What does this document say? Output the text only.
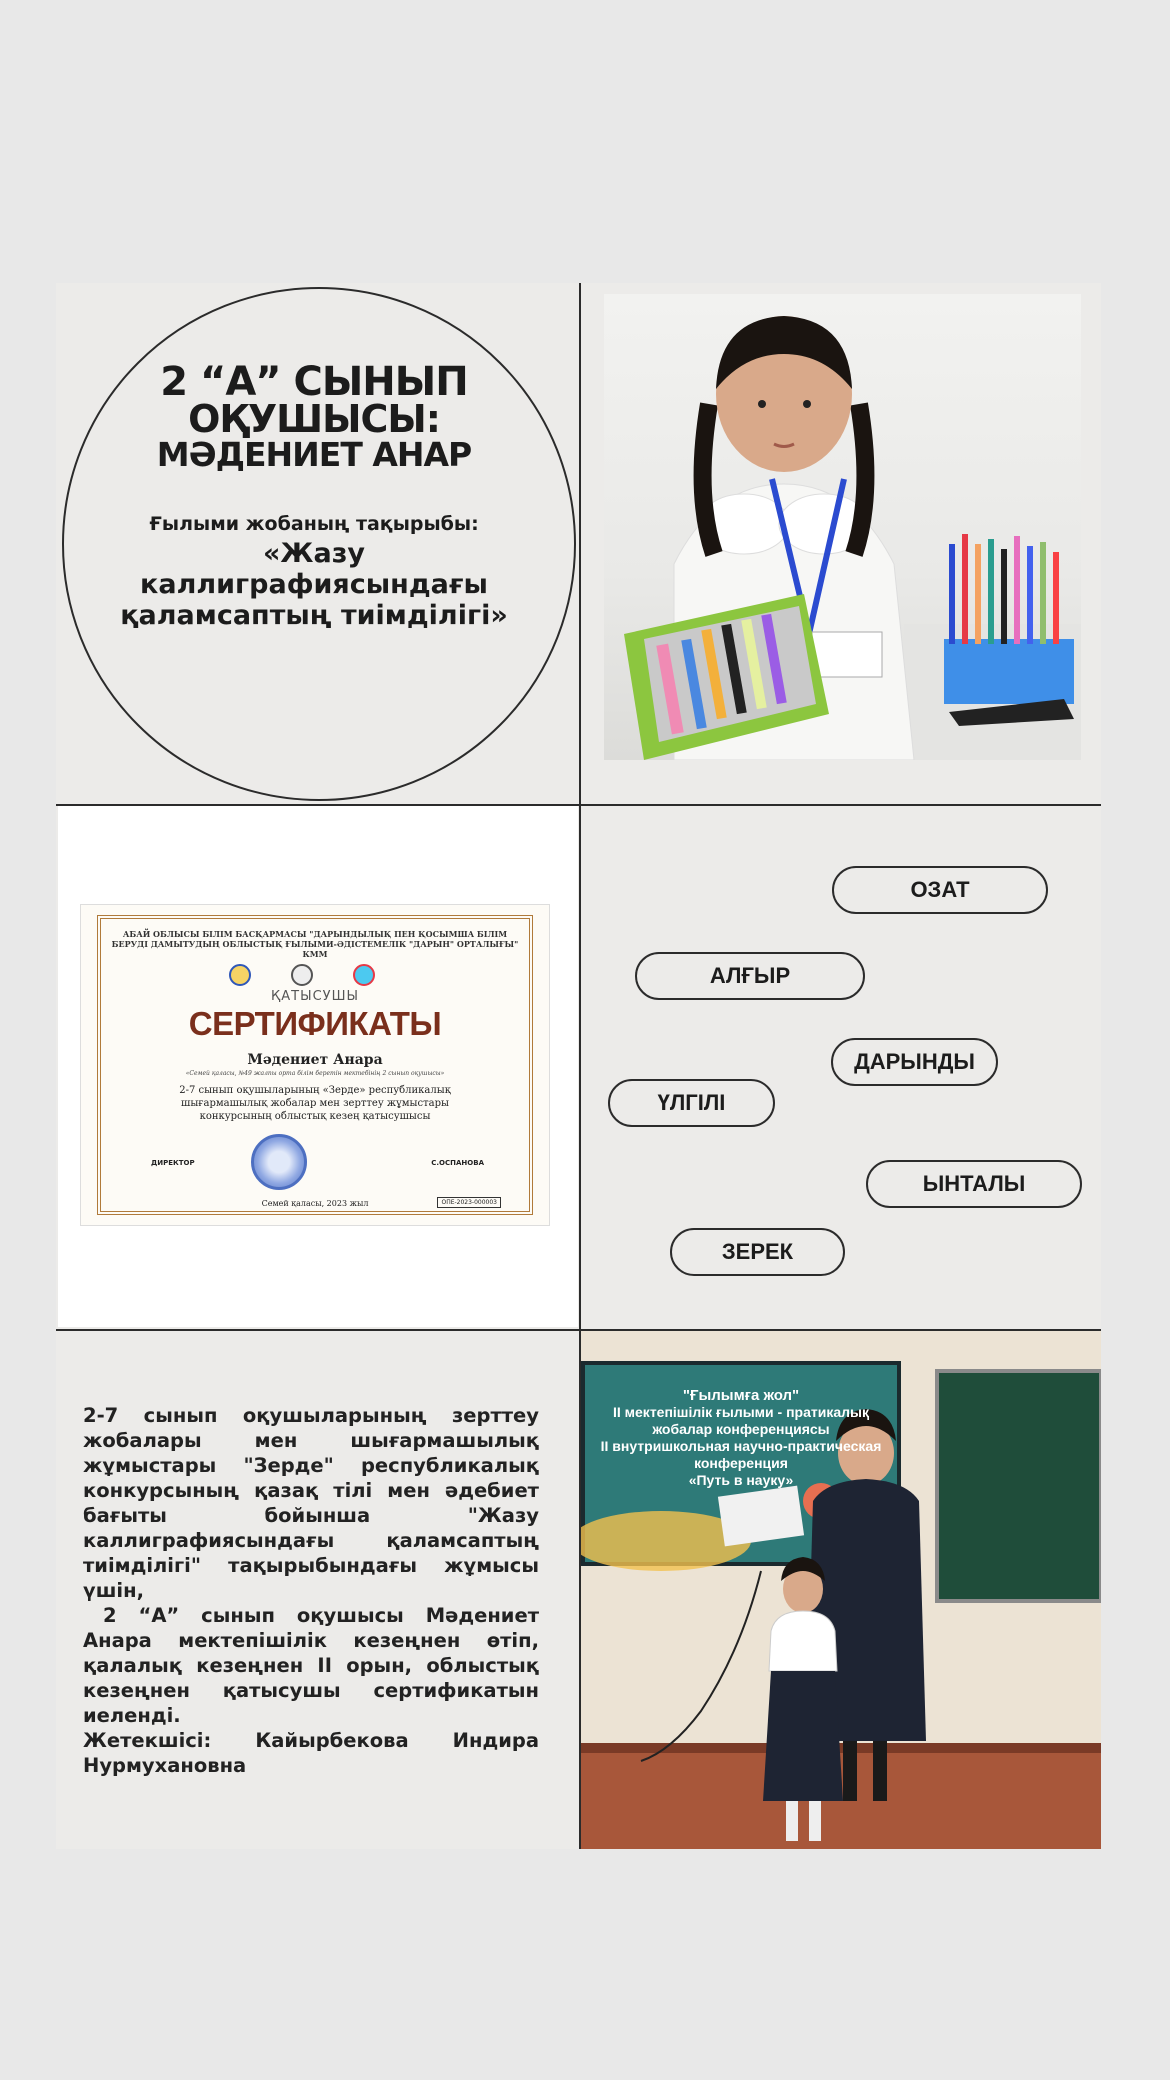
2 “А” СЫНЫП
ОҚУШЫСЫ:
МӘДЕНИЕТ АНАР
Ғылыми жобаның тақырыбы:
«Жазу каллиграфиясындағы қаламсаптың тиімділігі»
АБАЙ ОБЛЫСЫ БІЛІМ БАСҚАРМАСЫ "ДАРЫНДЫЛЫҚ ПЕН ҚОСЫМША БІЛІМ БЕРУДІ ДАМЫТУДЫҢ ОБЛЫСТЫҚ ҒЫЛЫМИ-ӘДІСТЕМЕЛІК "ДАРЫН" ОРТАЛЫҒЫ" КММ
ҚАТЫСУШЫ
СЕРТИФИКАТЫ
Мәдениет Анара
«Семей қаласы, №49 жалпы орта білім беретін мектебінің 2 сынып оқушысы»
2-7 сынып оқушыларының «Зерде» республикалық шығармашылық жобалар мен зерттеу жұмыстары конкурсының облыстық кезең қатысушысы
ДИРЕКТОР	С.ОСПАНОВА
Семей қаласы, 2023 жыл	ОПЕ-2023-000003
ОЗАТ
АЛҒЫР
ДАРЫНДЫ
ҮЛГІЛІ
ЫНТАЛЫ
ЗЕРЕК

2-7 сынып оқушыларының зерттеу жобалары мен шығармашылық жұмыстары "Зерде" республикалық конкурсының қазақ тілі мен әдебиет бағыты бойынша "Жазу каллиграфиясындағы қаламсаптың тиімділігі" тақырыбындағы жұмысы үшін,

2 “А” сынып оқушысы Мәдениет Анара мектепішілік кезеңнен өтіп, қалалық кезеңнен II орын, облыстық кезеңнен қатысушы сертификатын иеленді.

Жетекшісі: Кайырбекова Индира Нурмухановна

"Ғылымға жол"
II мектепішілік ғылыми - пратикалық
жобалар конференциясы
II внутришкольная научно-практическая
конференция
«Путь в науку»
